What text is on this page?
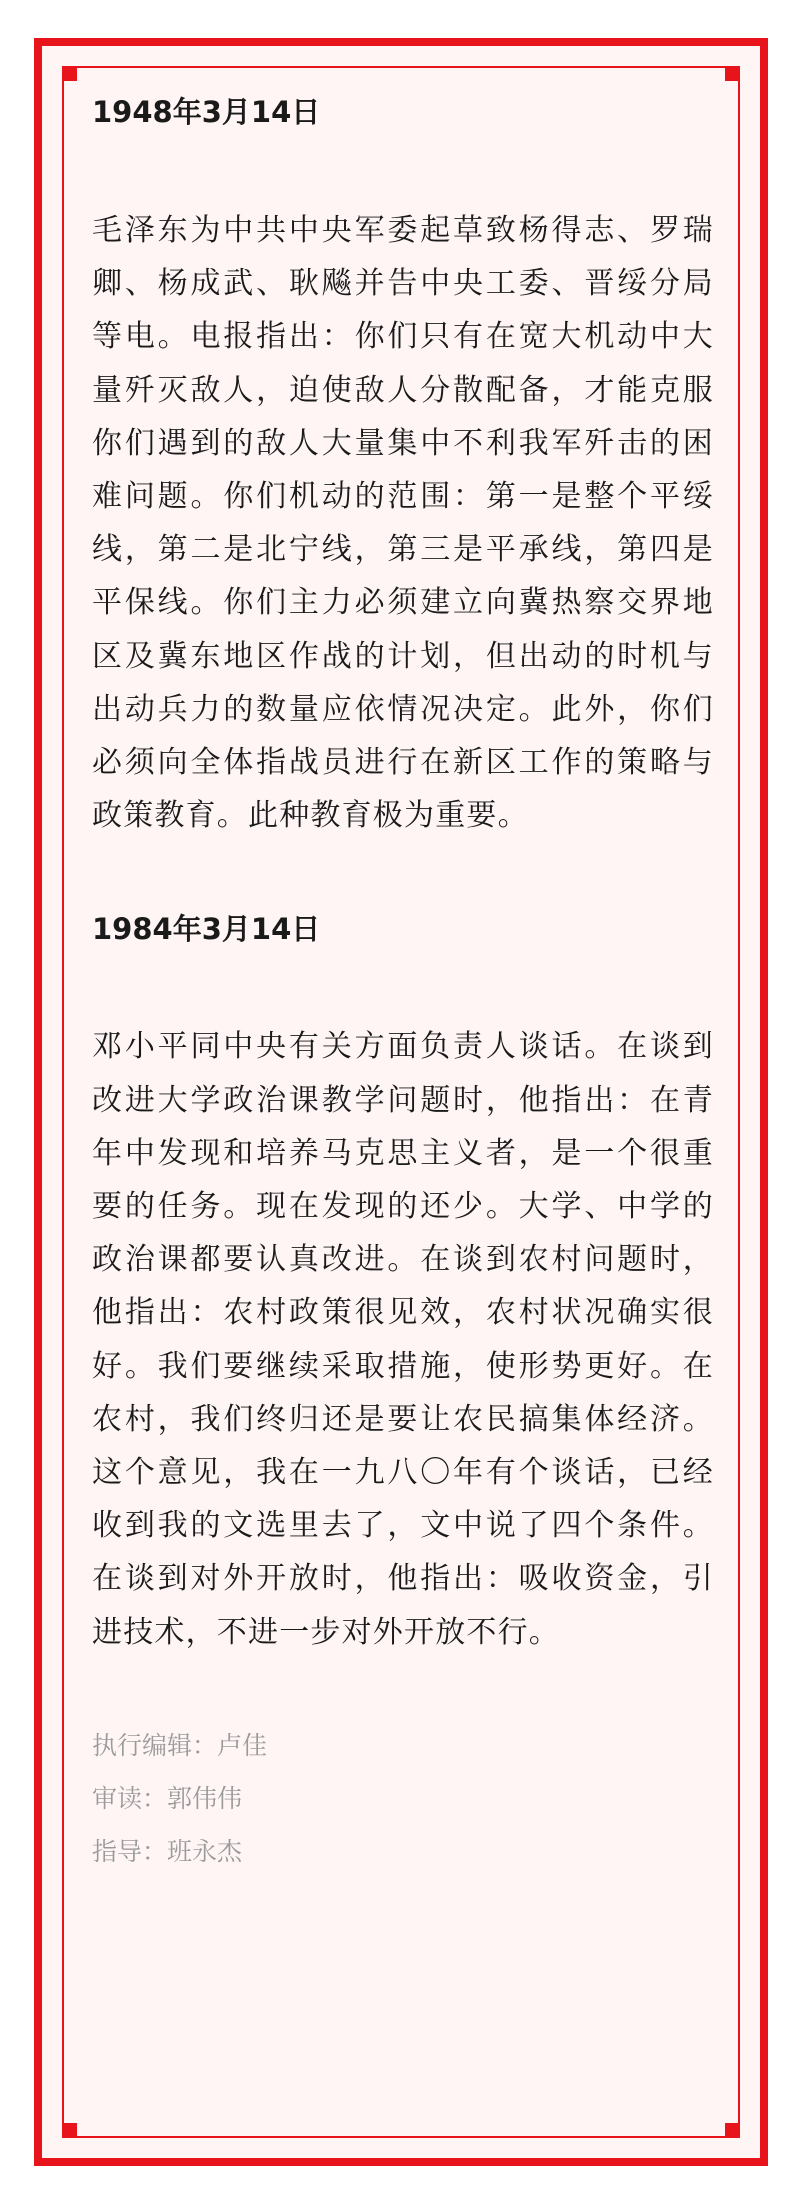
1948年3月14日

毛泽东为中共中央军委起草致杨得志、罗瑞卿、杨成武、耿飚并告中央工委、晋绥分局等电。电报指出：你们只有在宽大机动中大量歼灭敌人，迫使敌人分散配备，才能克服你们遇到的敌人大量集中不利我军歼击的困难问题。你们机动的范围：第一是整个平绥线，第二是北宁线，第三是平承线，第四是平保线。你们主力必须建立向冀热察交界地区及冀东地区作战的计划，但出动的时机与出动兵力的数量应依情况决定。此外，你们必须向全体指战员进行在新区工作的策略与政策教育。此种教育极为重要。

1984年3月14日

邓小平同中央有关方面负责人谈话。在谈到改进大学政治课教学问题时，他指出：在青年中发现和培养马克思主义者，是一个很重要的任务。现在发现的还少。大学、中学的政治课都要认真改进。在谈到农村问题时，他指出：农村政策很见效，农村状况确实很好。我们要继续采取措施，使形势更好。在农村，我们终归还是要让农民搞集体经济。这个意见，我在一九八〇年有个谈话，已经收到我的文选里去了，文中说了四个条件。在谈到对外开放时，他指出：吸收资金，引进技术，不进一步对外开放不行。

执行编辑：卢佳

审读：郭伟伟

指导：班永杰
